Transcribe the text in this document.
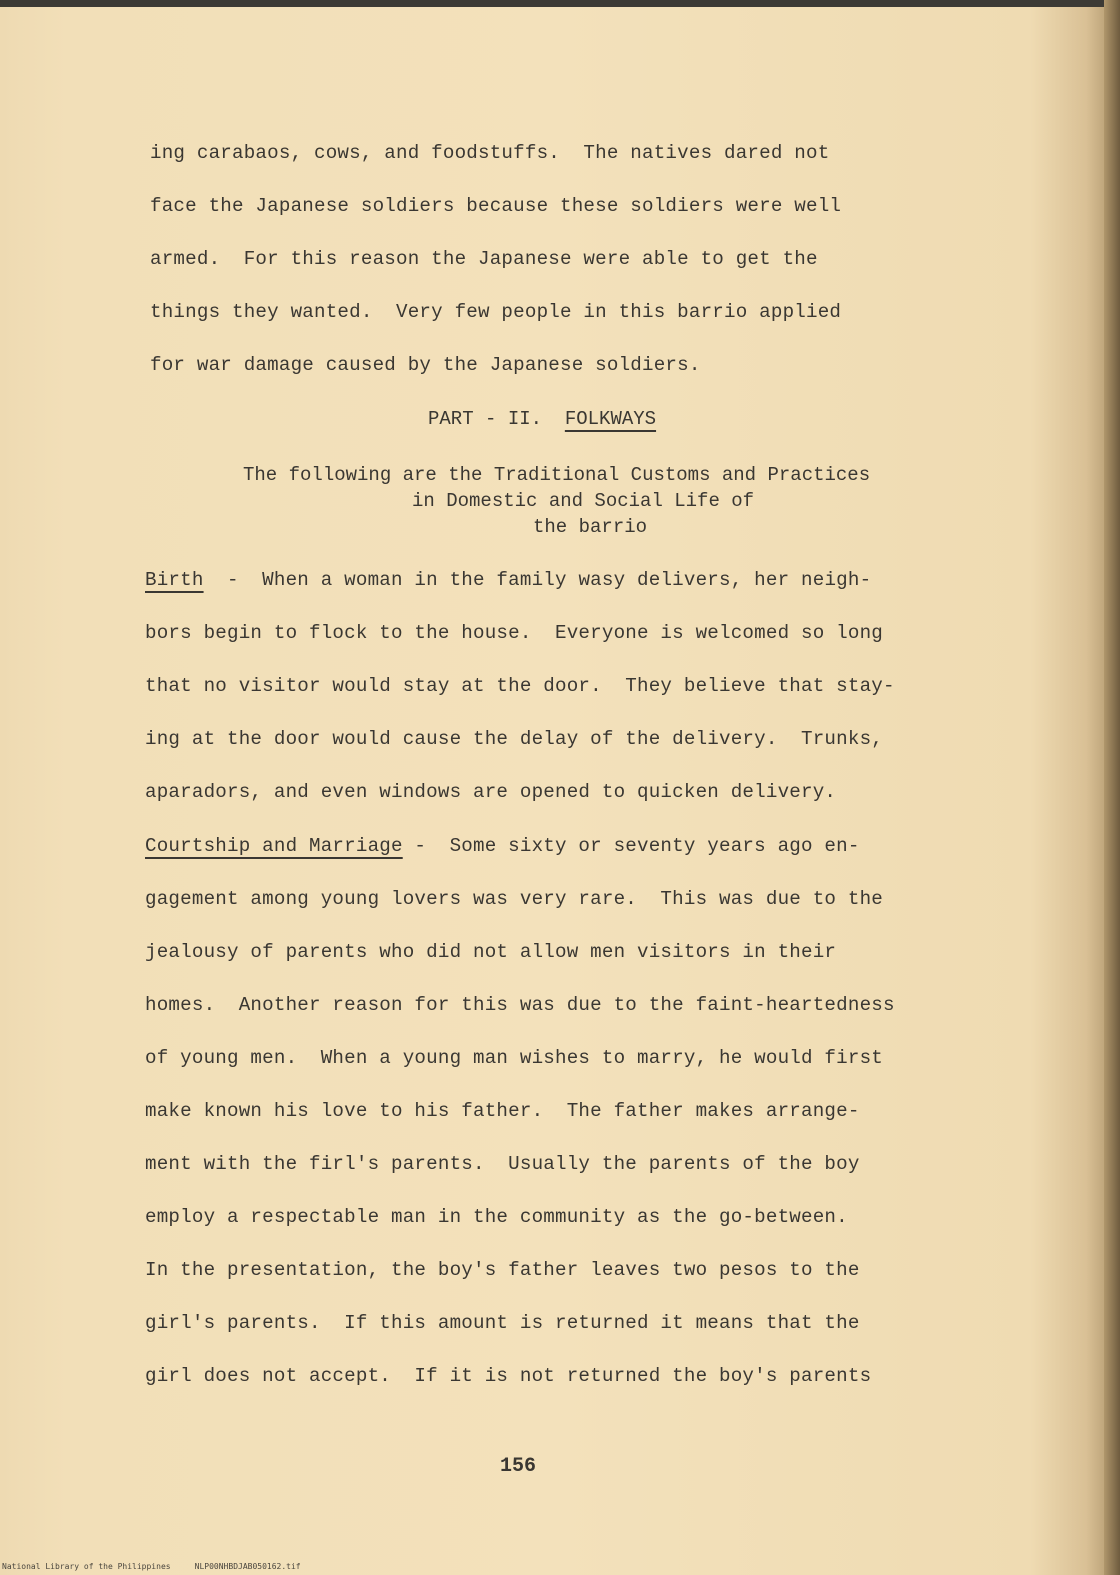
ing carabaos, cows, and foodstuffs.  The natives dared not
face the Japanese soldiers because these soldiers were well
armed.  For this reason the Japanese were able to get the
things they wanted.  Very few people in this barrio applied
for war damage caused by the Japanese soldiers.
PART - II. FOLKWAYS
The following are the Traditional Customs and Practices
in Domestic and Social Life of
the barrio
Birth  -  When a woman in the family wasy delivers, her neigh-
bors begin to flock to the house.  Everyone is welcomed so long
that no visitor would stay at the door.  They believe that stay-
ing at the door would cause the delay of the delivery.  Trunks,
aparadors, and even windows are opened to quicken delivery.
Courtship and Marriage -  Some sixty or seventy years ago en-
gagement among young lovers was very rare.  This was due to the
jealousy of parents who did not allow men visitors in their
homes.  Another reason for this was due to the faint-heartedness
of young men.  When a young man wishes to marry, he would first
make known his love to his father.  The father makes arrange-
ment with the firl's parents.  Usually the parents of the boy
employ a respectable man in the community as the go-between.
In the presentation, the boy's father leaves two pesos to the
girl's parents.  If this amount is returned it means that the
girl does not accept.  If it is not returned the boy's parents
156
National Library of the Philippines     NLP00NHBDJAB050162.tif
